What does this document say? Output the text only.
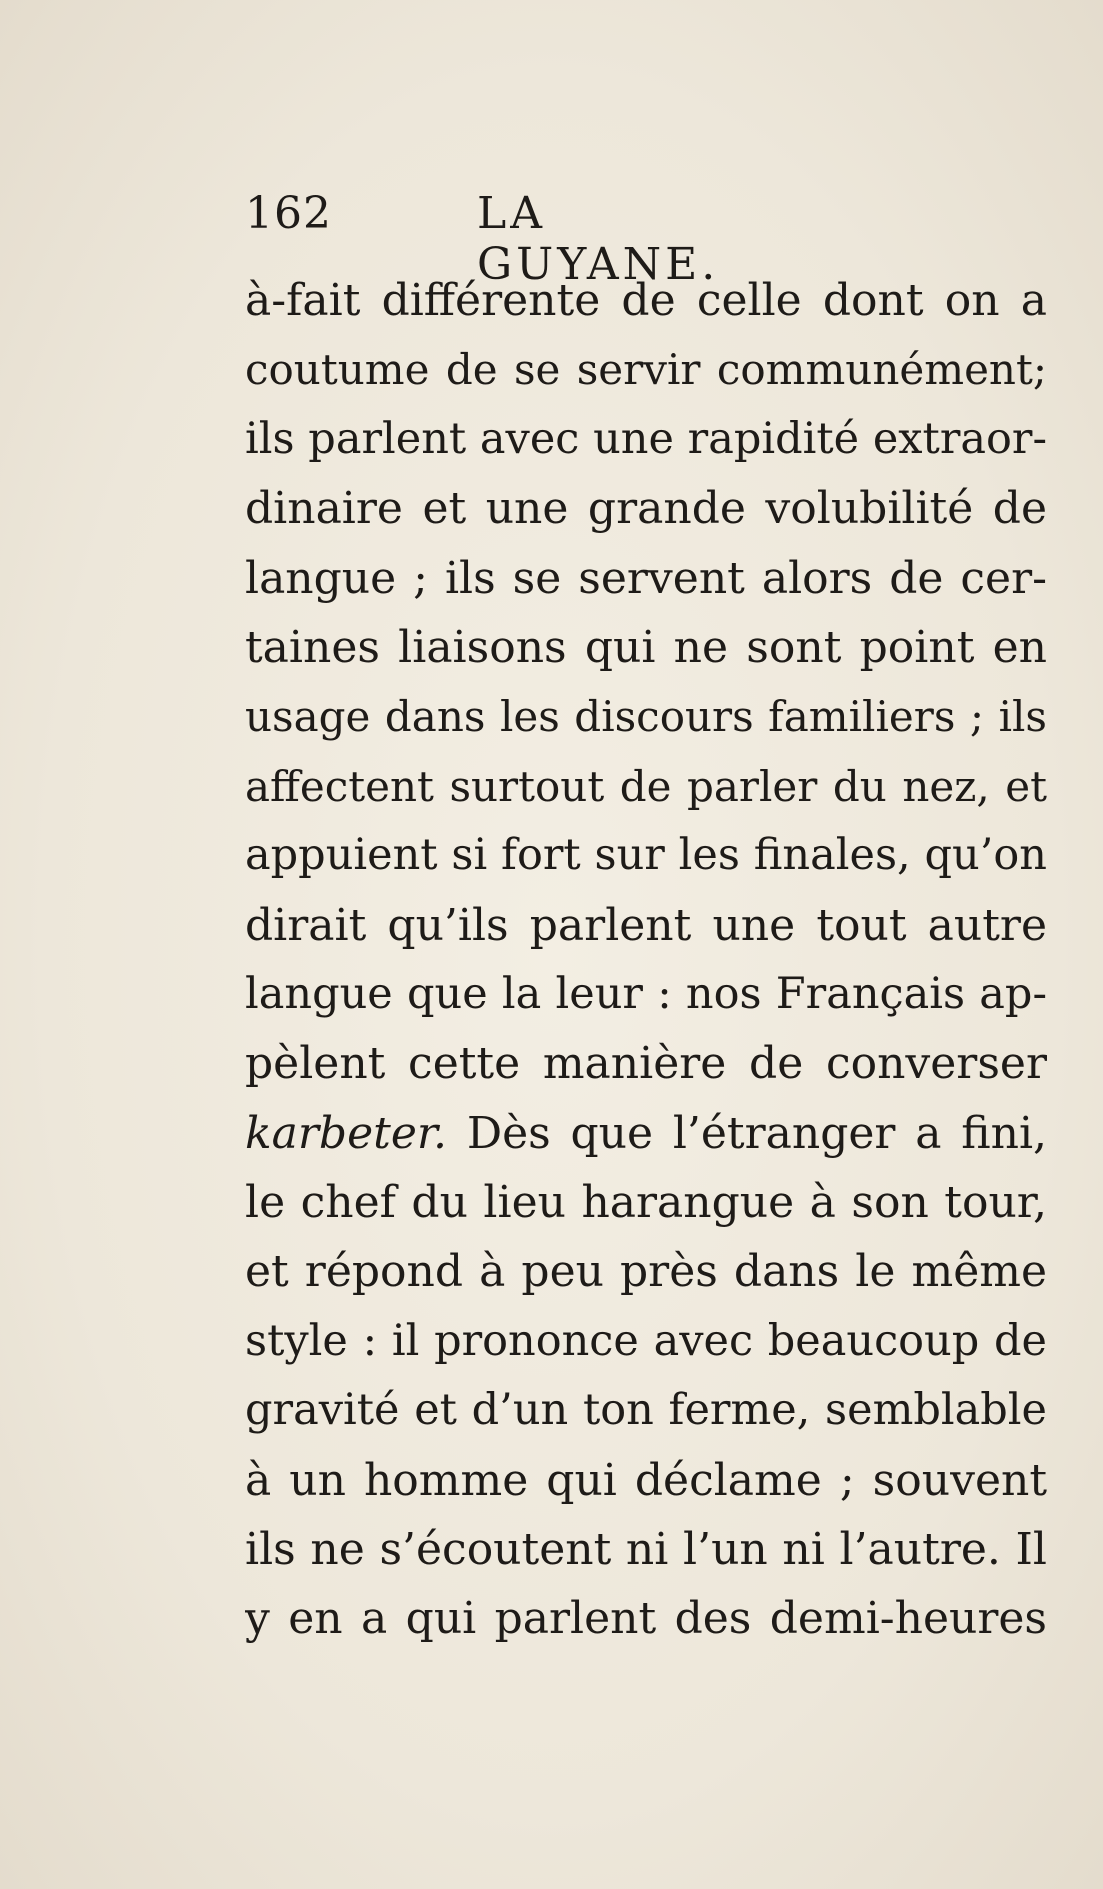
162	LA GUYANE.
à-fait différente de celle dont on a
coutume de se servir communément;
ils parlent avec une rapidité extraor-
dinaire et une grande volubilité de
langue ; ils se servent alors de cer-
taines liaisons qui ne sont point en
usage dans les discours familiers ; ils
affectent surtout de parler du nez, et
appuient si fort sur les finales, qu’on
dirait qu’ils parlent une tout autre
langue que la leur : nos Français ap-
pèlent cette manière de converser
karbeter. Dès que l’étranger a fini,
le chef du lieu harangue à son tour,
et répond à peu près dans le même
style : il prononce avec beaucoup de
gravité et d’un ton ferme, semblable
à un homme qui déclame ; souvent
ils ne s’écoutent ni l’un ni l’autre. Il
y en a qui parlent des demi-heures
